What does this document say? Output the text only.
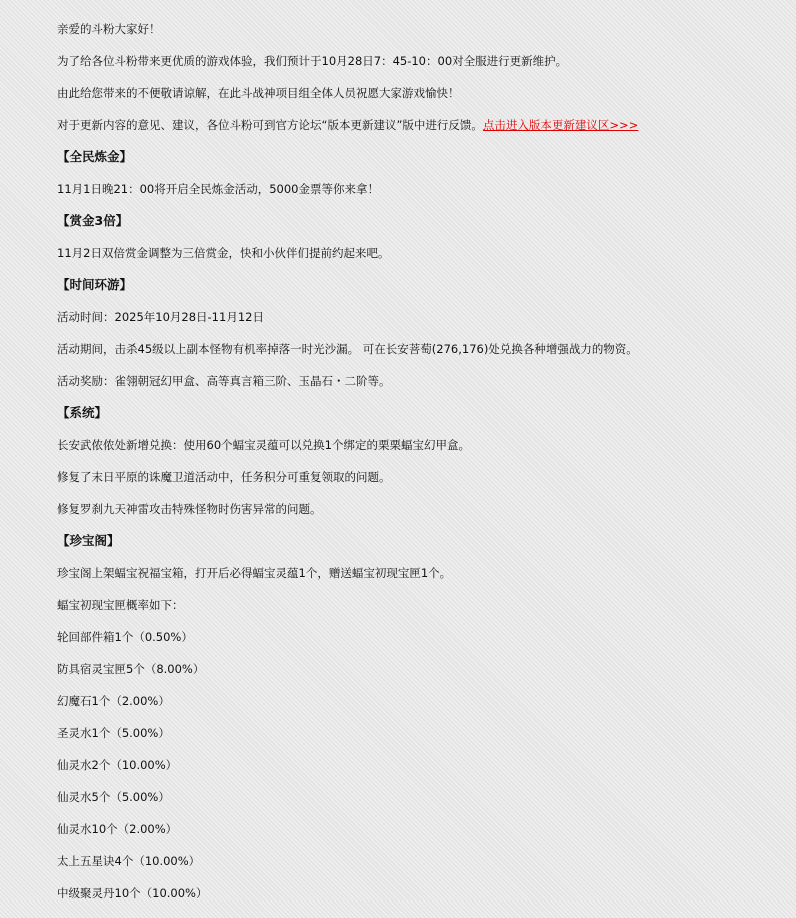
亲爱的斗粉大家好！
为了给各位斗粉带来更优质的游戏体验，我们预计于10月28日7：45-10：00对全服进行更新维护。
由此给您带来的不便敬请谅解，在此斗战神项目组全体人员祝愿大家游戏愉快！
对于更新内容的意见、建议，各位斗粉可到官方论坛“版本更新建议”版中进行反馈。点击进入版本更新建议区>>>
【全民炼金】
11月1日晚21：00将开启全民炼金活动，5000金票等你来拿！
【赏金3倍】
11月2日双倍赏金调整为三倍赏金，快和小伙伴们提前约起来吧。
【时间环游】
活动时间：2025年10月28日-11月12日
活动期间，击杀45级以上副本怪物有机率掉落一时光沙漏。 可在长安菩萄(276,176)处兑换各种增强战力的物资。
活动奖励：雀翎朝冠幻甲盒、高等真言箱三阶、玉晶石・二阶等。
【系统】
长安武侬侬处新增兑换：使用60个蝠宝灵蕴可以兑换1个绑定的栗栗蝠宝幻甲盒。
修复了末日平原的诛魔卫道活动中，任务积分可重复领取的问题。
修复罗刹九天神雷攻击特殊怪物时伤害异常的问题。
【珍宝阁】
珍宝阁上架蝠宝祝福宝箱，打开后必得蝠宝灵蕴1个，赠送蝠宝初现宝匣1个。
蝠宝初现宝匣概率如下：
轮回部件箱1个（0.50%）
防具宿灵宝匣5个（8.00%）
幻魔石1个（2.00%）
圣灵水1个（5.00%）
仙灵水2个（10.00%）
仙灵水5个（5.00%）
仙灵水10个（2.00%）
太上五星诀4个（10.00%）
中级聚灵丹10个（10.00%）
